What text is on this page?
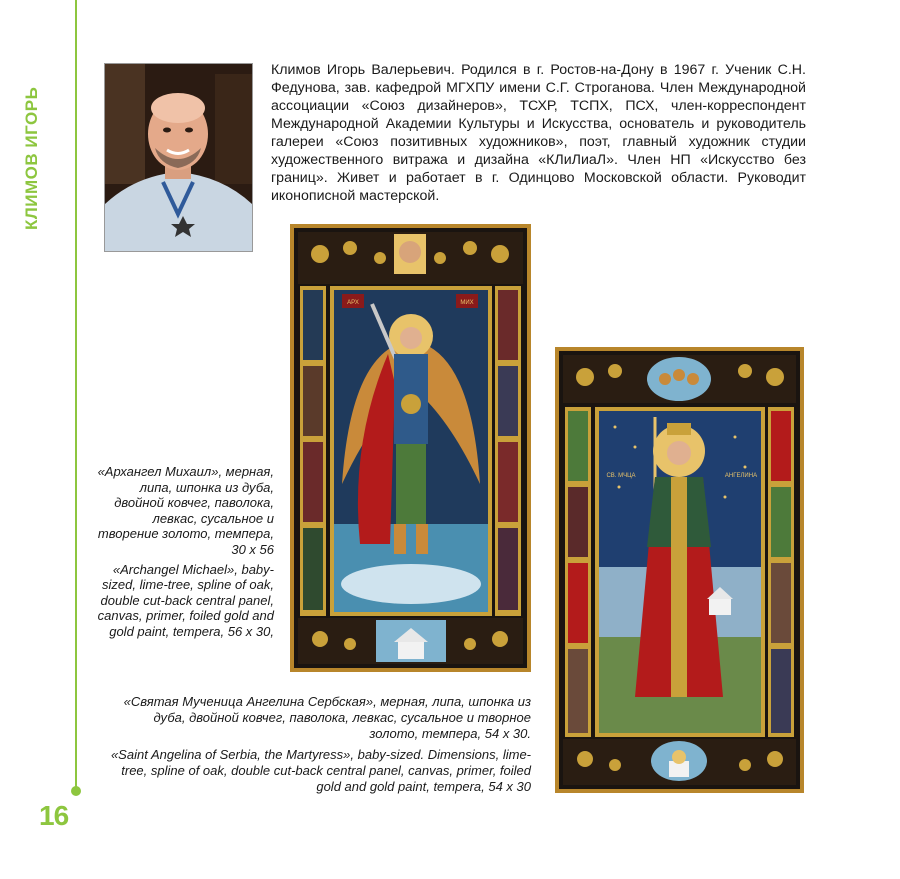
КЛИМОВ ИГОРЬ
16
Климов Игорь Валерьевич. Родился в г. Ростов-на-Дону в 1967 г. Ученик С.Н. Федунова, зав. кафедрой МГХПУ имени С.Г. Строганова. Член Международной ассоциации «Союз дизайнеров», ТСХР, ТСПХ, ПСХ, член-корреспондент Международной Академии Культуры и Искусства, основатель и руководитель галереи «Союз позитивных художников», поэт, главный художник студии художественного витража и дизайна «КЛиЛиаЛ». Член НП «Искусство без границ». Живет и работает в г. Одинцово Московской области. Руководит иконописной мастерской.
АРХ	МИХ

«Архангел Михаил», мерная, липа, шпонка из дуба, двойной ковчег, паволока, левкас, сусальное и творение золото, темпера, 30 х 56

«Archangel Michael», baby-sized, lime-tree, spline of oak, double cut-back central panel, canvas, primer, foiled gold and gold paint, tempera, 56 x 30,

СВ. МЧЦА	АНГЕЛИНА

«Святая Мученица Ангелина Сербская», мерная, липа, шпонка из дуба, двойной ковчег, паволока, левкас, сусальное и творное золото, темпера, 54 х 30.

«Saint Angelina of Serbia, the Martyress», baby-sized. Dimensions, lime-tree, spline of oak, double cut-back central panel, canvas, primer, foiled gold and gold paint, tempera, 54 x 30
